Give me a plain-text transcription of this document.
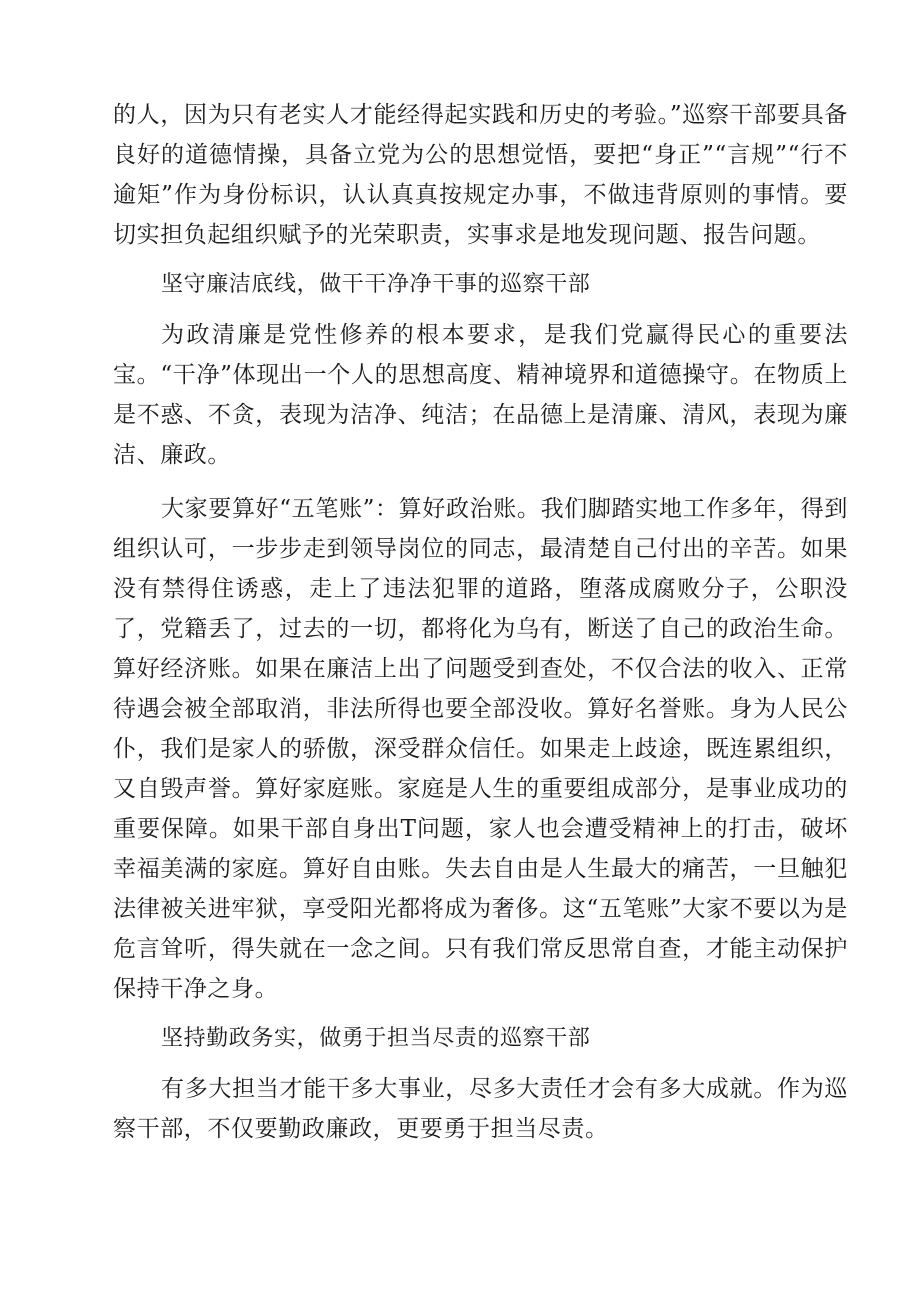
的人，因为只有老实人才能经得起实践和历史的考验。”巡察干部要具备良好的道德情操，具备立党为公的思想觉悟，要把“身正”“言规”“行不逾矩”作为身份标识，认认真真按规定办事，不做违背原则的事情。要切实担负起组织赋予的光荣职责，实事求是地发现问题、报告问题。

坚守廉洁底线，做干干净净干事的巡察干部

为政清廉是党性修养的根本要求，是我们党赢得民心的重要法宝。“干净”体现出一个人的思想高度、精神境界和道德操守。在物质上是不惑、不贪，表现为洁净、纯洁；在品德上是清廉、清风，表现为廉洁、廉政。

大家要算好“五笔账”：算好政治账。我们脚踏实地工作多年，得到组织认可，一步步走到领导岗位的同志，最清楚自己付出的辛苦。如果没有禁得住诱惑，走上了违法犯罪的道路，堕落成腐败分子，公职没了，党籍丢了，过去的一切，都将化为乌有，断送了自己的政治生命。算好经济账。如果在廉洁上出了问题受到查处，不仅合法的收入、正常待遇会被全部取消，非法所得也要全部没收。算好名誉账。身为人民公仆，我们是家人的骄傲，深受群众信任。如果走上歧途，既连累组织，又自毁声誉。算好家庭账。家庭是人生的重要组成部分，是事业成功的重要保障。如果干部自身出T问题，家人也会遭受精神上的打击，破坏幸福美满的家庭。算好自由账。失去自由是人生最大的痛苦，一旦触犯法律被关进牢狱，享受阳光都将成为奢侈。这“五笔账”大家不要以为是危言耸听，得失就在一念之间。只有我们常反思常自查，才能主动保护保持干净之身。

坚持勤政务实，做勇于担当尽责的巡察干部

有多大担当才能干多大事业，尽多大责任才会有多大成就。作为巡察干部，不仅要勤政廉政，更要勇于担当尽责。
